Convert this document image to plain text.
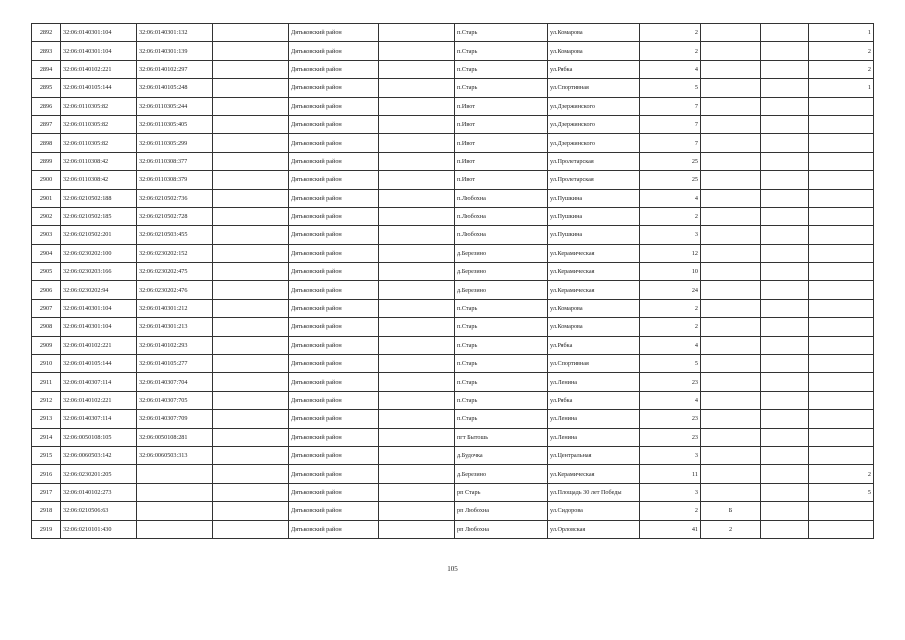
2892	32:06:0140301:104	32:06:0140301:132		Дятьковский район		п.Старь	ул.Комарова	2			1
2893	32:06:0140301:104	32:06:0140301:139		Дятьковский район		п.Старь	ул.Комарова	2			2
2894	32:06:0140102:221	32:06:0140102:297		Дятьковский район		п.Старь	ул.Рябка	4			2
2895	32:06:0140105:144	32:06:0140105:248		Дятьковский район		п.Старь	ул.Спортивная	5			1
2896	32:06:0110305:82	32:06:0110305:244		Дятьковский район		п.Ивот	ул.Дзержинского	7			
2897	32:06:0110305:82	32:06:0110305:405		Дятьковский район		п.Ивот	ул.Дзержинского	7			
2898	32:06:0110305:82	32:06:0110305:299		Дятьковский район		п.Ивот	ул.Дзержинского	7			
2899	32:06:0110308:42	32:06:0110308:377		Дятьковский район		п.Ивот	ул.Пролетарская	25			
2900	32:06:0110308:42	32:06:0110308:379		Дятьковский район		п.Ивот	ул.Пролетарская	25			
2901	32:06:0210502:188	32:06:0210502:736		Дятьковский район		п.Любохна	ул.Пушкина	4			
2902	32:06:0210502:185	32:06:0210502:728		Дятьковский район		п.Любохна	ул.Пушкина	2			
2903	32:06:0210502:201	32:06:0210503:455		Дятьковский район		п.Любохна	ул.Пушкина	3			
2904	32:06:0230202:100	32:06:0230202:152		Дятьковский район		д.Березино	ул.Керамическая	12			
2905	32:06:0230203:166	32:06:0230202:475		Дятьковский район		д.Березино	ул.Керамическая	10			
2906	32:06:0230202:94	32:06:0230202:476		Дятьковский район		д.Березино	ул.Керамическая	24			
2907	32:06:0140301:104	32:06:0140301:212		Дятьковский район		п.Старь	ул.Комарова	2			
2908	32:06:0140301:104	32:06:0140301:213		Дятьковский район		п.Старь	ул.Комарова	2			
2909	32:06:0140102:221	32:06:0140102:293		Дятьковский район		п.Старь	ул.Рябка	4			
2910	32:06:0140105:144	32:06:0140105:277		Дятьковский район		п.Старь	ул.Спортивная	5			
2911	32:06:0140307:114	32:06:0140307:704		Дятьковский район		п.Старь	ул.Ленина	23			
2912	32:06:0140102:221	32:06:0140307:705		Дятьковский район		п.Старь	ул.Рябка	4			
2913	32:06:0140307:114	32:06:0140307:709		Дятьковский район		п.Старь	ул.Ленина	23			
2914	32:06:0050108:105	32:06:0050108:281		Дятьковский район		пгт Бытошь	ул.Ленина	23			
2915	32:06:0060503:142	32:06:0060503:313		Дятьковский район		д.Будочка	ул.Центральная	3			
2916	32:06:0230201:205			Дятьковский район		д.Березино	ул.Керамическая	11			2
2917	32:06:0140102:273			Дятьковский район		рп Старь	ул.Площадь 30 лет Победы	3			5
2918	32:06:0210506:63			Дятьковский район		рп Любохна	ул.Сидорова	2	Б		
2919	32:06:0210101:430			Дятьковский район		рп Любохна	ул.Орловская	41	2		
105
